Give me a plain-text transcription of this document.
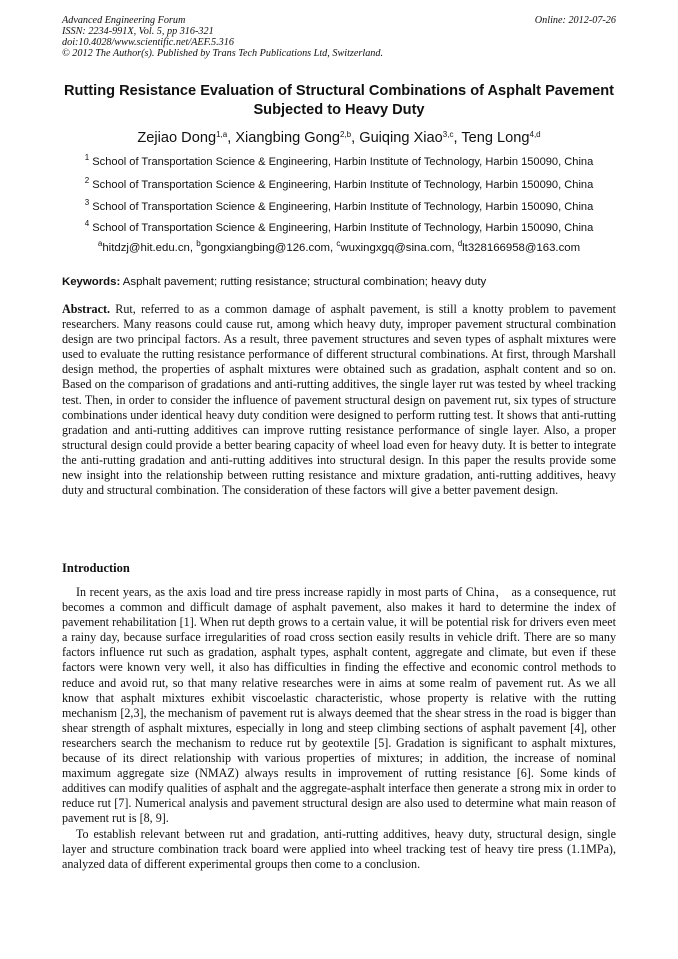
Advanced Engineering Forum
ISSN: 2234-991X, Vol. 5, pp 316-321
doi:10.4028/www.scientific.net/AEF.5.316
© 2012 The Author(s). Published by Trans Tech Publications Ltd, Switzerland.
Online: 2012-07-26
Rutting Resistance Evaluation of Structural Combinations of Asphalt Pavement Subjected to Heavy Duty
Zejiao Dong$^{1,a}$, Xiangbing Gong$^{2,b}$, Guiqing Xiao$^{3,c}$, Teng Long$^{4,d}$
$^1$ School of Transportation Science & Engineering, Harbin Institute of Technology, Harbin 150090, China
$^2$ School of Transportation Science & Engineering, Harbin Institute of Technology, Harbin 150090, China
$^3$ School of Transportation Science & Engineering, Harbin Institute of Technology, Harbin 150090, China
$^4$ School of Transportation Science & Engineering, Harbin Institute of Technology, Harbin 150090, China
$^a$hitdzj@hit.edu.cn, $^b$gongxiangbing@126.com, $^c$wuxingxgq@sina.com, $^d$lt328166958@163.com
Keywords: Asphalt pavement; rutting resistance; structural combination; heavy duty
Abstract. Rut, referred to as a common damage of asphalt pavement, is still a knotty problem to pavement researchers. Many reasons could cause rut, among which heavy duty, improper pavement structural combination design are two principal factors. As a result, three pavement structures and seven types of asphalt mixtures were used to evaluate the rutting resistance performance of different structural combinations. At first, through Marshall design method, the properties of asphalt mixtures were obtained such as gradation, asphalt content and so on. Based on the comparison of gradations and anti-rutting additives, the single layer rut was tested by wheel tracking test. Then, in order to consider the influence of pavement structural design on pavement rut, six types of structure combinations under identical heavy duty condition were designed to perform rutting test. It shows that anti-rutting gradation and anti-rutting additives can improve rutting resistance performance of single layer. Also, a proper structural design could provide a better bearing capacity of wheel load even for heavy duty. It is better to integrate the anti-rutting gradation and anti-rutting additives into structural design. In this paper the results provide some new insight into the relationship between rutting resistance and mixture gradation, anti-rutting additives, heavy duty and structural combination. The consideration of these factors will give a better pavement design.
Introduction
In recent years, as the axis load and tire press increase rapidly in most parts of China， as a consequence, rut becomes a common and difficult damage of asphalt pavement, also makes it hard to determine the index of pavement rehabilitation [1]. When rut depth grows to a certain value, it will be potential risk for drivers even meet a rainy day, because surface irregularities of road cross section easily results in vehicle drift. There are so many factors influence rut such as gradation, asphalt types, asphalt content, aggregate and climate, but even if these factors were known very well, it also has difficulties in finding the effective and economic control methods to reduce and avoid rut, so that many relative researches were in aims at some realm of pavement rut. As we all know that asphalt mixtures exhibit viscoelastic characteristic, whose property is relative with the rutting mechanism [2,3], the mechanism of pavement rut is always deemed that the shear stress in the road is bigger than shear strength of asphalt mixtures, especially in long and steep climbing sections of asphalt pavement [4], other researchers search the mechanism to reduce rut by geotextile [5]. Gradation is significant to asphalt mixtures, because of its direct relationship with various properties of mixtures; in addition, the increase of nominal maximum aggregate size (NMAZ) always results in improvement of rutting resistance [6]. Some kinds of additives can modify qualities of asphalt and the aggregate-asphalt interface then generate a strong mix in order to reduce rut [7]. Numerical analysis and pavement structural design are also used to determine what main reason of pavement rut is [8, 9].
To establish relevant between rut and gradation, anti-rutting additives, heavy duty, structural design, single layer and structure combination track board were applied into wheel tracking test of heavy tire press (1.1MPa), analyzed data of different experimental groups then come to a conclusion.
